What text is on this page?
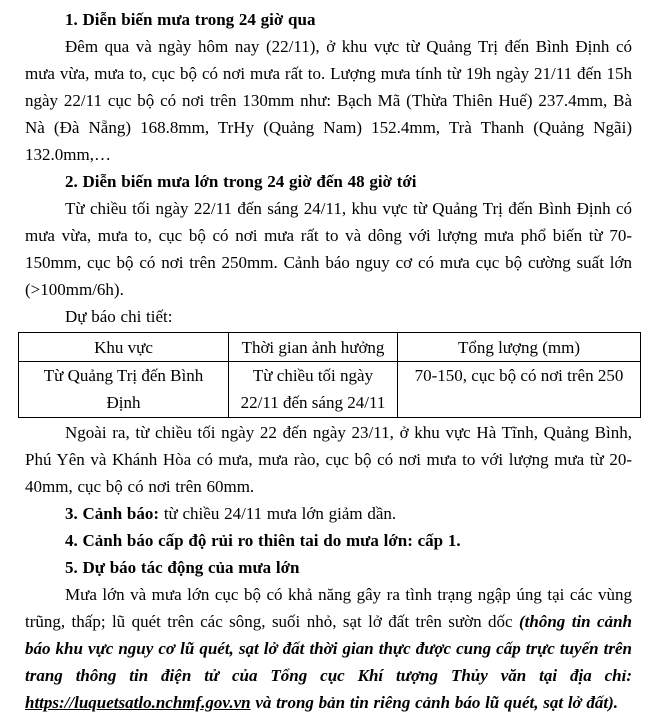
1. Diễn biến mưa trong 24 giờ qua

Đêm qua và ngày hôm nay (22/11), ở khu vực từ Quảng Trị đến Bình Định có mưa vừa, mưa to, cục bộ có nơi mưa rất to. Lượng mưa tính từ 19h ngày 21/11 đến 15h ngày 22/11 cục bộ có nơi trên 130mm như: Bạch Mã (Thừa Thiên Huế) 237.4mm, Bà Nà (Đà Nẵng) 168.8mm, TrHy (Quảng Nam) 152.4mm, Trà Thanh (Quảng Ngãi) 132.0mm,…

2. Diễn biến mưa lớn trong 24 giờ đến 48 giờ tới

Từ chiều tối ngày 22/11 đến sáng 24/11, khu vực từ Quảng Trị đến Bình Định có mưa vừa, mưa to, cục bộ có nơi mưa rất to và dông với lượng mưa phổ biến từ 70-150mm, cục bộ có nơi trên 250mm. Cảnh báo nguy cơ có mưa cục bộ cường suất lớn (>100mm/6h).

Dự báo chi tiết:

Khu vực	Thời gian ảnh hưởng	Tổng lượng (mm)
Từ Quảng Trị đến Bình Định	Từ chiều tối ngày 22/11 đến sáng 24/11	70-150, cục bộ có nơi trên 250

Ngoài ra, từ chiều tối ngày 22 đến ngày 23/11, ở khu vực Hà Tĩnh, Quảng Bình, Phú Yên và Khánh Hòa có mưa, mưa rào, cục bộ có nơi mưa to với lượng mưa từ 20-40mm, cục bộ có nơi trên 60mm.

3. Cảnh báo: từ chiều 24/11 mưa lớn giảm dần.

4. Cảnh báo cấp độ rủi ro thiên tai do mưa lớn: cấp 1.

5. Dự báo tác động của mưa lớn

Mưa lớn và mưa lớn cục bộ có khả năng gây ra tình trạng ngập úng tại các vùng trũng, thấp; lũ quét trên các sông, suối nhỏ, sạt lở đất trên sườn dốc (thông tin cảnh báo khu vực nguy cơ lũ quét, sạt lở đất thời gian thực được cung cấp trực tuyến trên trang thông tin điện tử của Tổng cục Khí tượng Thủy văn tại địa chỉ: https://luquetsatlo.nchmf.gov.vn và trong bản tin riêng cảnh báo lũ quét, sạt lở đất).
